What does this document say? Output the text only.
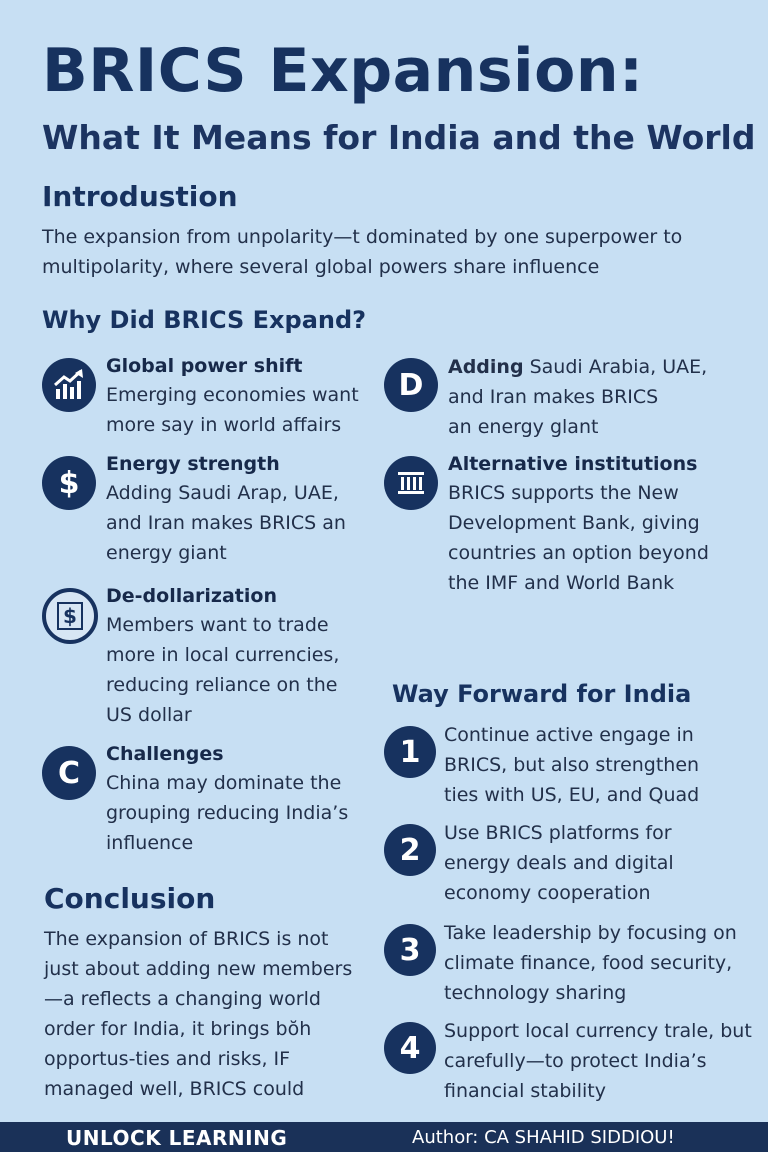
BRICS Expansion:
What It Means for India and the World
Introdustion
The expansion from unpolarity—t dominated by one superpower to multipolarity, where several global powers share influence
Why Did BRICS Expand?
Global power shift
Emerging economies want more say in world affairs
$
Energy strength
Adding Saudi Arap, UAE, and Iran makes BRICS an energy giant
$
De-dollarization
Members want to trade more in local currencies, reducing reliance on the US dollar
C
Challenges
China may dominate the grouping reducing India’s influence
D
Adding Saudi Arabia, UAE,
and Iran makes BRICS an energy glant
Alternative institutions
BRICS supports the New Development Bank, giving countries an option beyond the IMF and World Bank
Way Forward for India
1	Continue active engage in BRICS, but also strengthen ties with US, EU, and Quad
2	Use BRICS platforms for energy deals and digital economy cooperation
3	Take leadership by focusing on climate finance, food security, technology sharing
4	Support local currency trale, but carefully—to protect India’s financial stability
Conclusion
The expansion of BRICS is not just about adding new members—a reflects a changing world order for India, it brings bŏh opportus-ties and risks, IF managed well, BRICS could
UNLOCK LEARNING	Author: CA SHAHID SIDDIOU!
